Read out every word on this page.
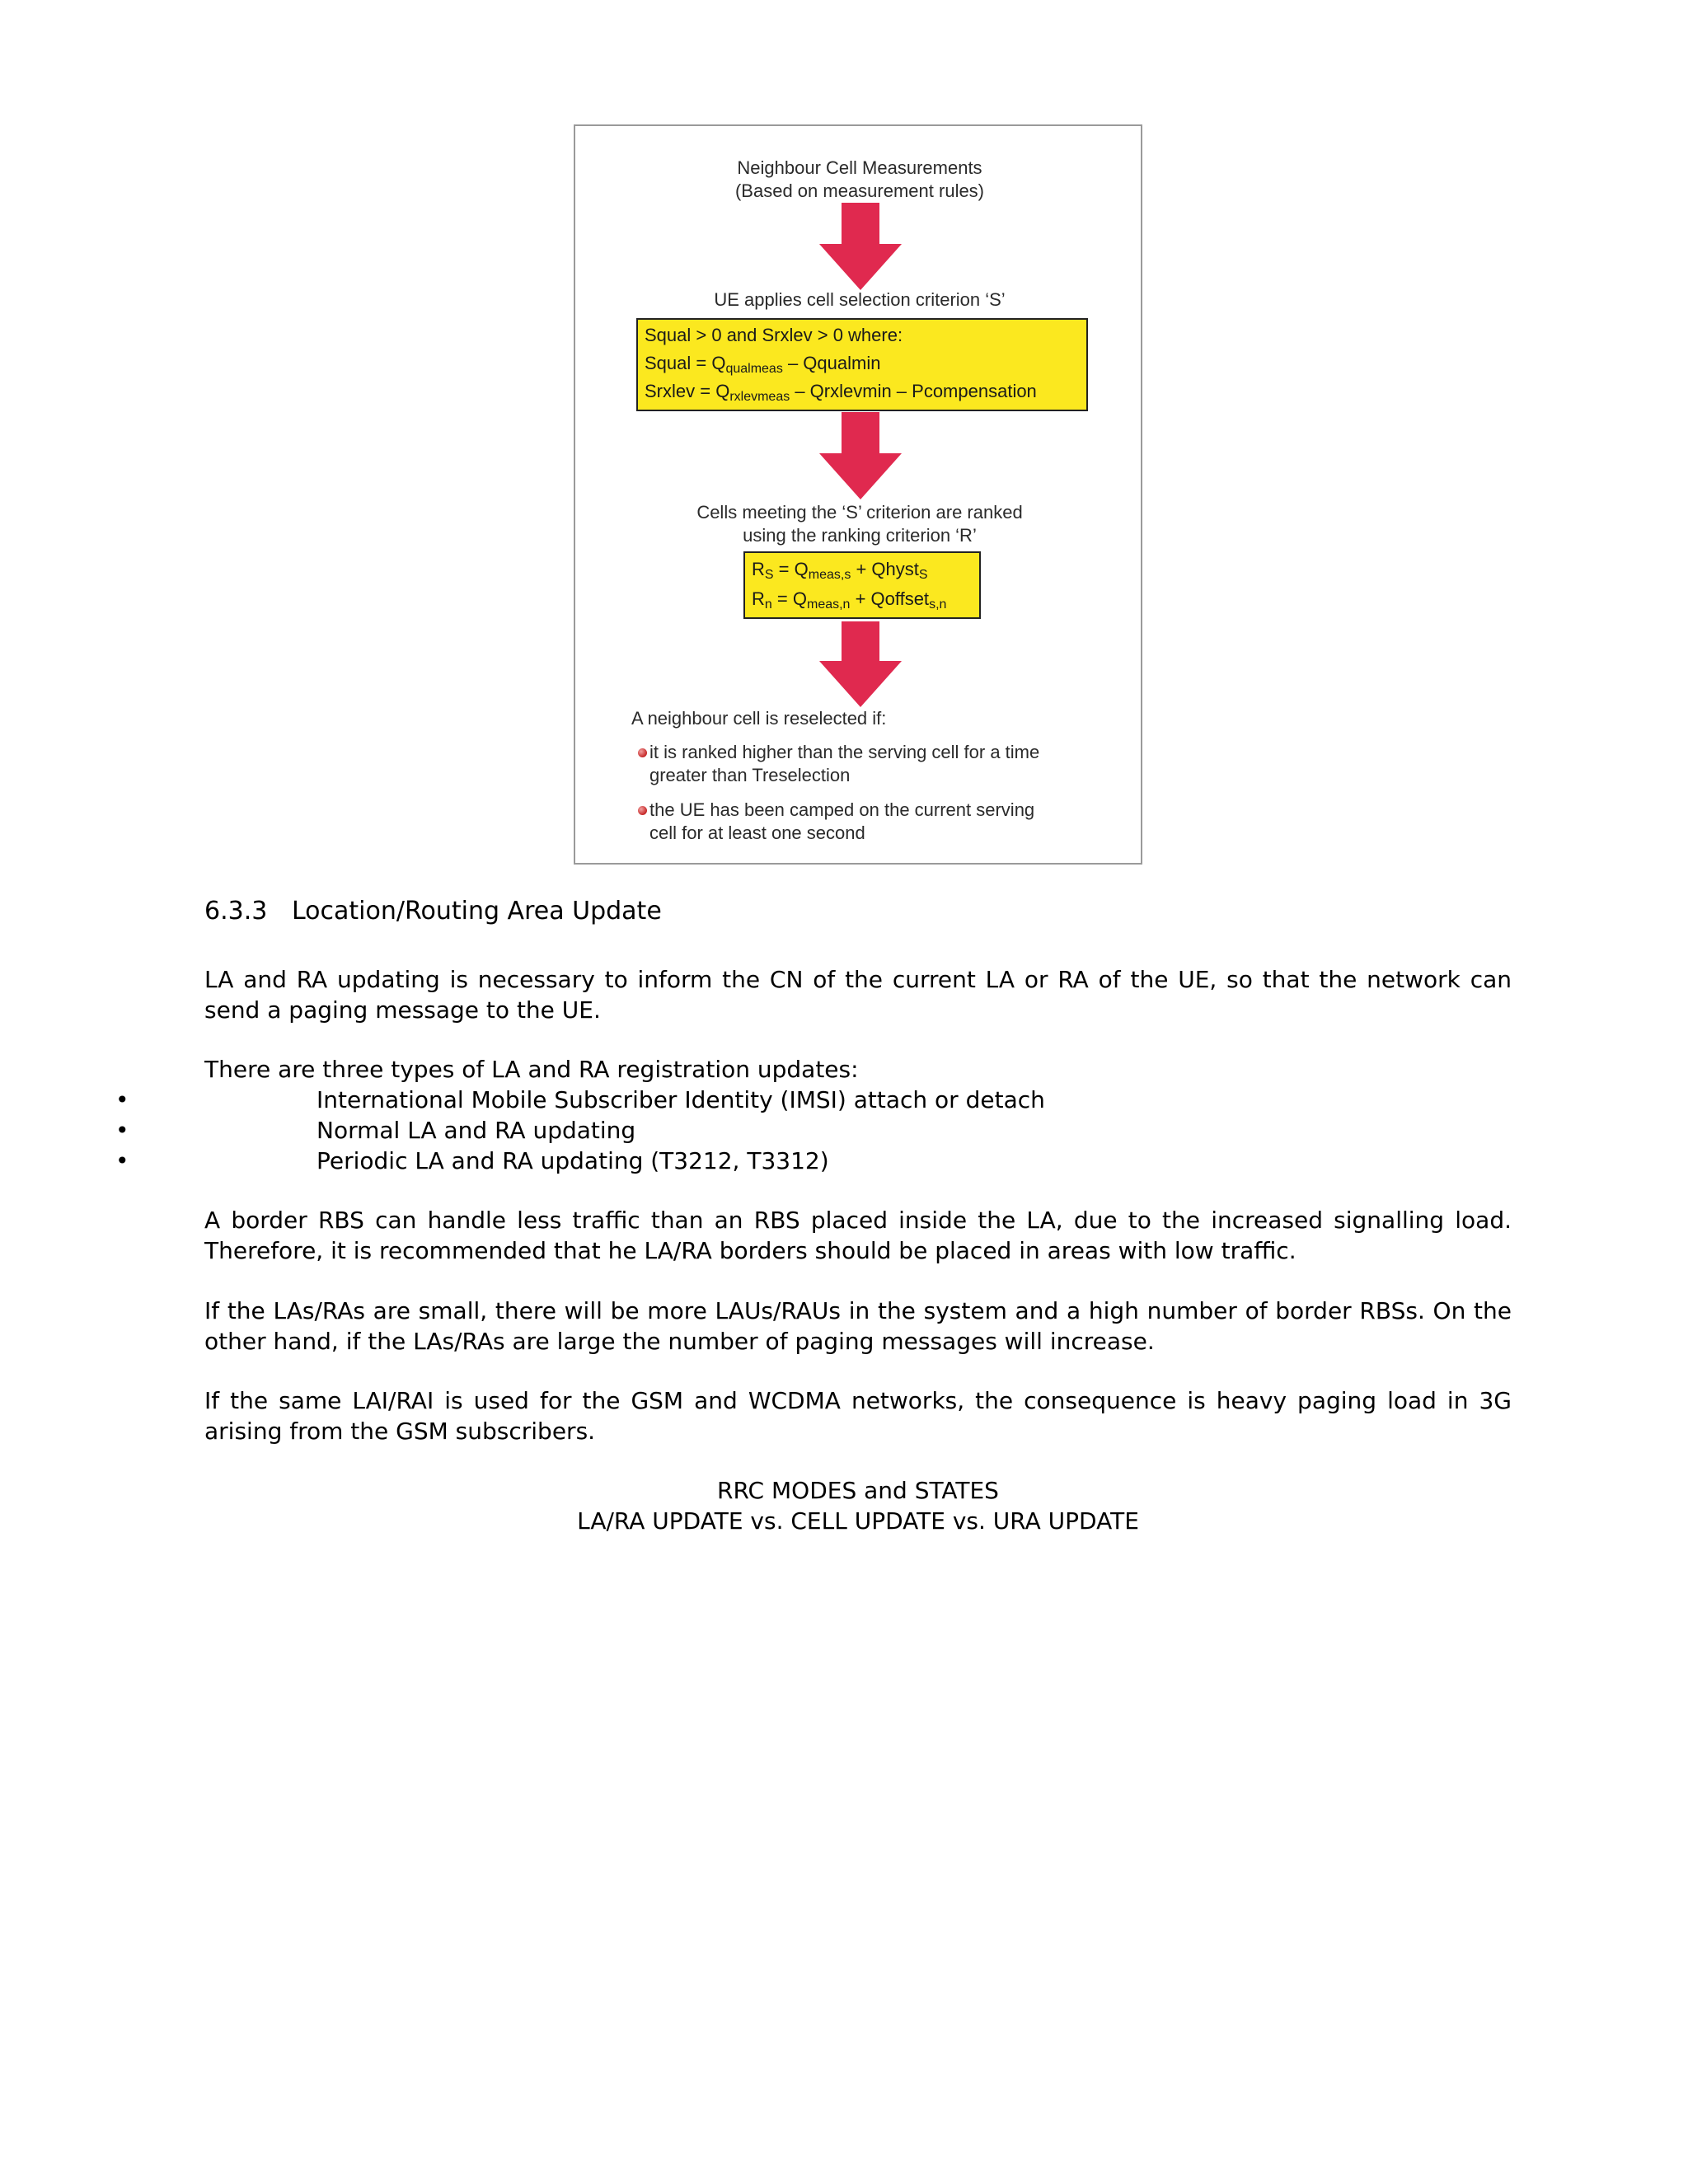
Neighbour Cell Measurements
(Based on measurement rules)
UE applies cell selection criterion ‘S’
Squal > 0 and Srxlev > 0 where:
Squal = $Q_{qualmeas}$ – Qqualmin
Srxlev = $Q_{rxlevmeas}$ – Qrxlevmin – Pcompensation
Cells meeting the ‘S’ criterion are ranked
using the ranking criterion ‘R’
$R_S = Q_{meas,s}$ + Qhyst$_S$
$R_n = Q_{meas,n}$ + Qoffset$_{s,n}$
A neighbour cell is reselected if:
it is ranked higher than the serving cell for a time
greater than Treselection
the UE has been camped on the current serving
cell for at least one second
6.3.3 Location/Routing Area Update
LA and RA updating is necessary to inform the CN of the current LA or RA of the UE, so that the network can send a paging message to the UE.
There are three types of LA and RA registration updates:
•	International Mobile Subscriber Identity (IMSI) attach or detach
•	Normal LA and RA updating
•	Periodic LA and RA updating (T3212, T3312)
A border RBS can handle less traffic than an RBS placed inside the LA, due to the increased signalling load. Therefore, it is recommended that he LA/RA borders should be placed in areas with low traffic.
If the LAs/RAs are small, there will be more LAUs/RAUs in the system and a high number of border RBSs. On the other hand, if the LAs/RAs are large the number of paging messages will increase.
If the same LAI/RAI is used for the GSM and WCDMA networks, the consequence is heavy paging load in 3G arising from the GSM subscribers.
RRC MODES and STATES
LA/RA UPDATE vs. CELL UPDATE vs. URA UPDATE
